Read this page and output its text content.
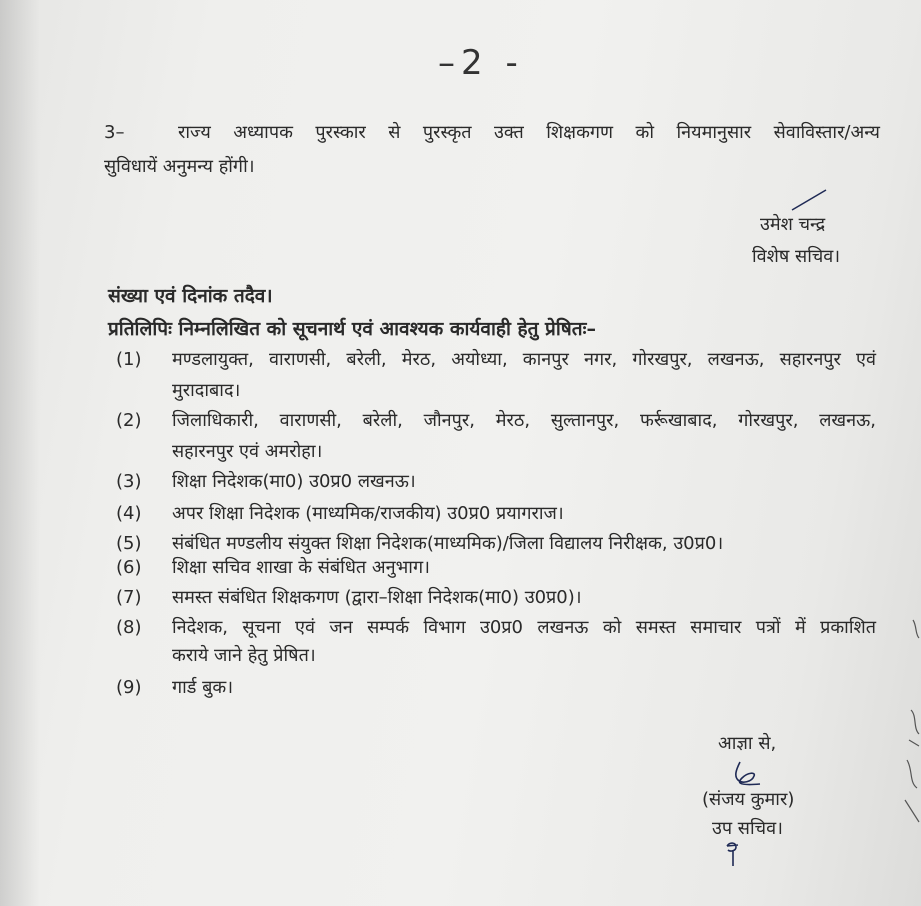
–2 -
3–	राज्य अध्यापक पुरस्कार से पुरस्कृत उक्त शिक्षकगण को नियमानुसार सेवाविस्तार/अन्य
सुविधायें अनुमन्य होंगी।
उमेश चन्द्र
विशेष सचिव।
संख्या एवं दिनांक तदैव।
प्रतिलिपिः निम्नलिखित को सूचनार्थ एवं आवश्यक कार्यवाही हेतु प्रेषितः–
(1) मण्डलायुक्त, वाराणसी, बरेली, मेरठ, अयोध्या, कानपुर नगर, गोरखपुर, लखनऊ, सहारनपुर एवं
मुरादाबाद।
(2) जिलाधिकारी, वाराणसी, बरेली, जौनपुर, मेरठ, सुल्तानपुर, फर्रूखाबाद, गोरखपुर, लखनऊ,
सहारनपुर एवं अमरोहा।
(3) शिक्षा निदेशक(मा0) उ0प्र0 लखनऊ।
(4) अपर शिक्षा निदेशक (माध्यमिक/राजकीय) उ0प्र0 प्रयागराज।
(5) संबंधित मण्डलीय संयुक्त शिक्षा निदेशक(माध्यमिक)/जिला विद्यालय निरीक्षक, उ0प्र0।
(6) शिक्षा सचिव शाखा के संबंधित अनुभाग।
(7) समस्त संबंधित शिक्षकगण (द्वारा–शिक्षा निदेशक(मा0) उ0प्र0)।
(8) निदेशक, सूचना एवं जन सम्पर्क विभाग उ0प्र0 लखनऊ को समस्त समाचार पत्रों में प्रकाशित
कराये जाने हेतु प्रेषित।
(9) गार्ड बुक।
आज्ञा से,
(संजय कुमार)
उप सचिव।
